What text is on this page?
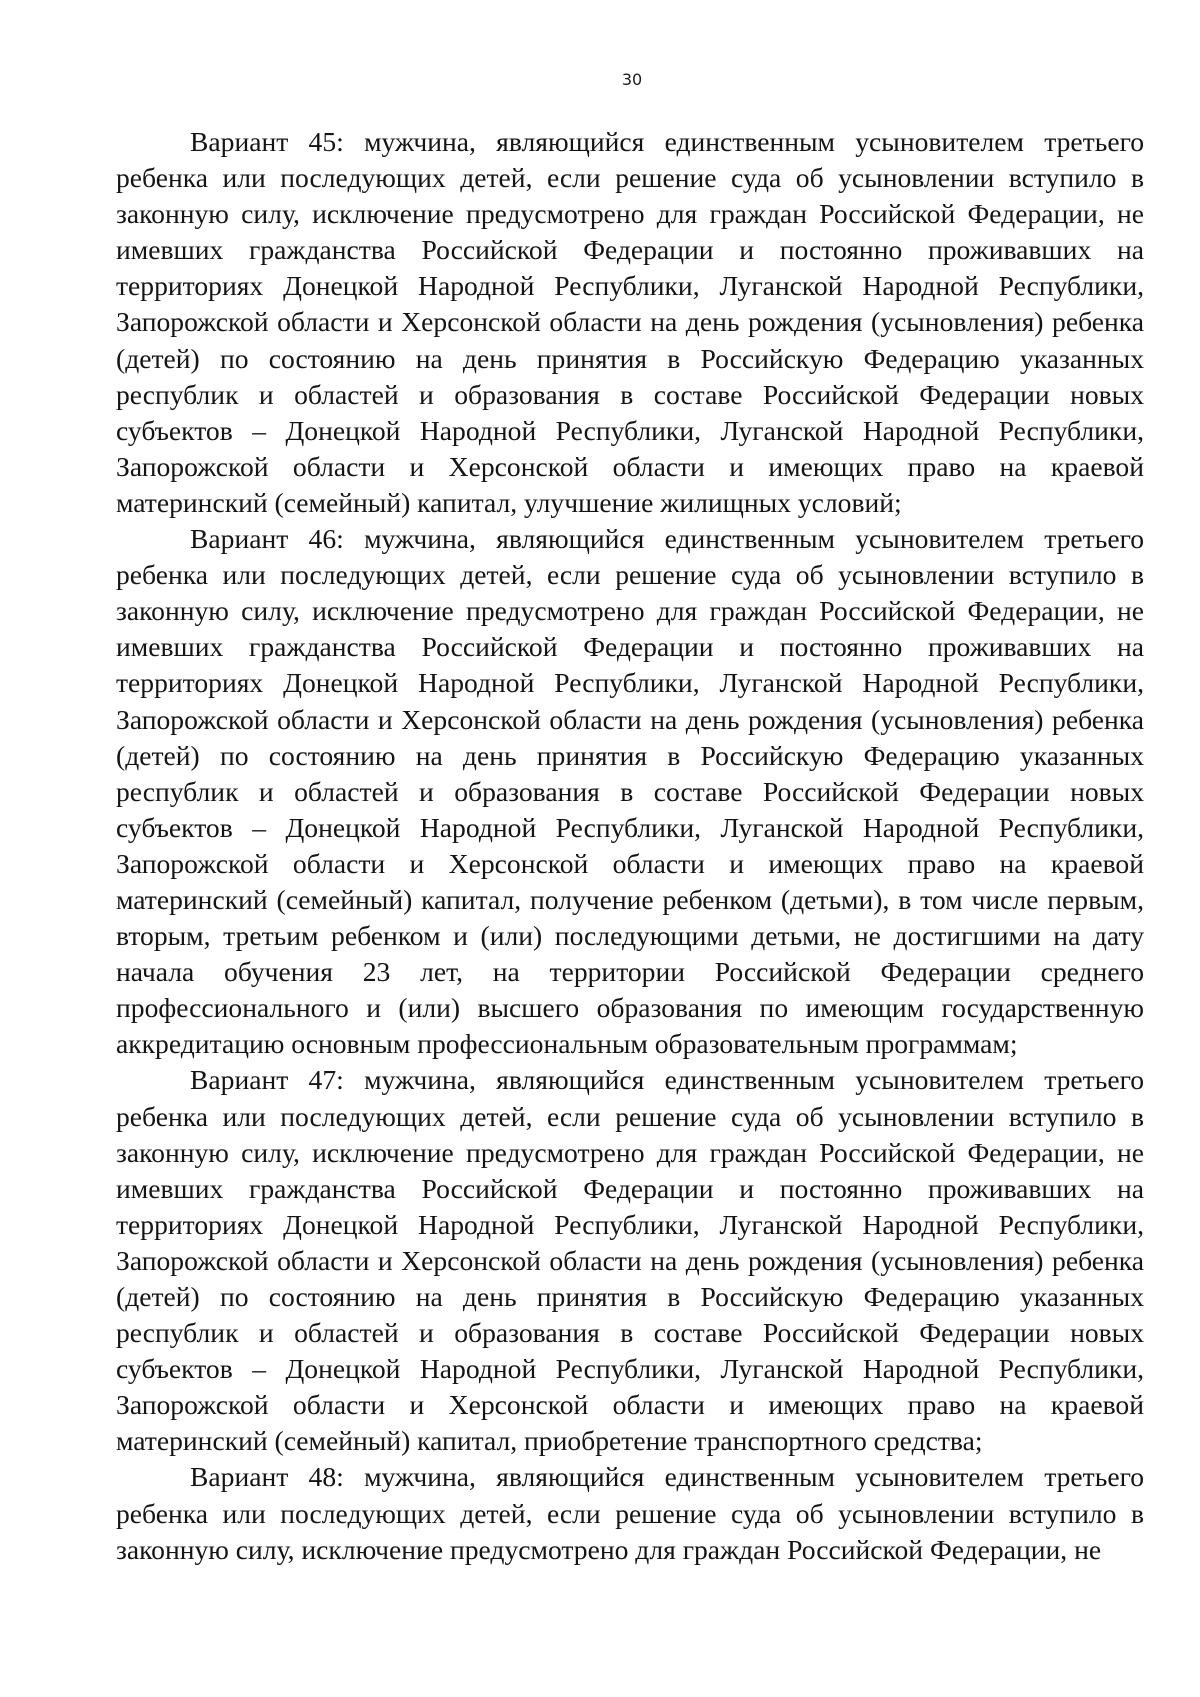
30

Вариант 45: мужчина, являющийся единственным усыновителем третьего ребенка или последующих детей, если решение суда об усыновлении вступило в законную силу, исключение предусмотрено для граждан Российской Федерации, не имевших гражданства Российской Федерации и постоянно проживавших на территориях Донецкой Народной Республики, Луганской Народной Республики, Запорожской области и Херсонской области на день рождения (усыновления) ребенка (детей) по состоянию на день принятия в Российскую Федерацию указанных республик и областей и образования в составе Российской Федерации новых субъектов – Донецкой Народной Республики, Луганской Народной Республики, Запорожской области и Херсонской области и имеющих право на краевой материнский (семейный) капитал, улучшение жилищных условий;

Вариант 46: мужчина, являющийся единственным усыновителем третьего ребенка или последующих детей, если решение суда об усыновлении вступило в законную силу, исключение предусмотрено для граждан Российской Федерации, не имевших гражданства Российской Федерации и постоянно проживавших на территориях Донецкой Народной Республики, Луганской Народной Республики, Запорожской области и Херсонской области на день рождения (усыновления) ребенка (детей) по состоянию на день принятия в Российскую Федерацию указанных республик и областей и образования в составе Российской Федерации новых субъектов – Донецкой Народной Республики, Луганской Народной Республики, Запорожской области и Херсонской области и имеющих право на краевой материнский (семейный) капитал, получение ребенком (детьми), в том числе первым, вторым, третьим ребенком и (или) последующими детьми, не достигшими на дату начала обучения 23 лет, на территории Российской Федерации среднего профессионального и (или) высшего образования по имеющим государственную аккредитацию основным профессиональным образовательным программам;

Вариант 47: мужчина, являющийся единственным усыновителем третьего ребенка или последующих детей, если решение суда об усыновлении вступило в законную силу, исключение предусмотрено для граждан Российской Федерации, не имевших гражданства Российской Федерации и постоянно проживавших на территориях Донецкой Народной Республики, Луганской Народной Республики, Запорожской области и Херсонской области на день рождения (усыновления) ребенка (детей) по состоянию на день принятия в Российскую Федерацию указанных республик и областей и образования в составе Российской Федерации новых субъектов – Донецкой Народной Республики, Луганской Народной Республики, Запорожской области и Херсонской области и имеющих право на краевой материнский (семейный) капитал, приобретение транспортного средства;

Вариант 48: мужчина, являющийся единственным усыновителем третьего ребенка или последующих детей, если решение суда об усыновлении вступило в законную силу, исключение предусмотрено для граждан Российской Федерации, не
